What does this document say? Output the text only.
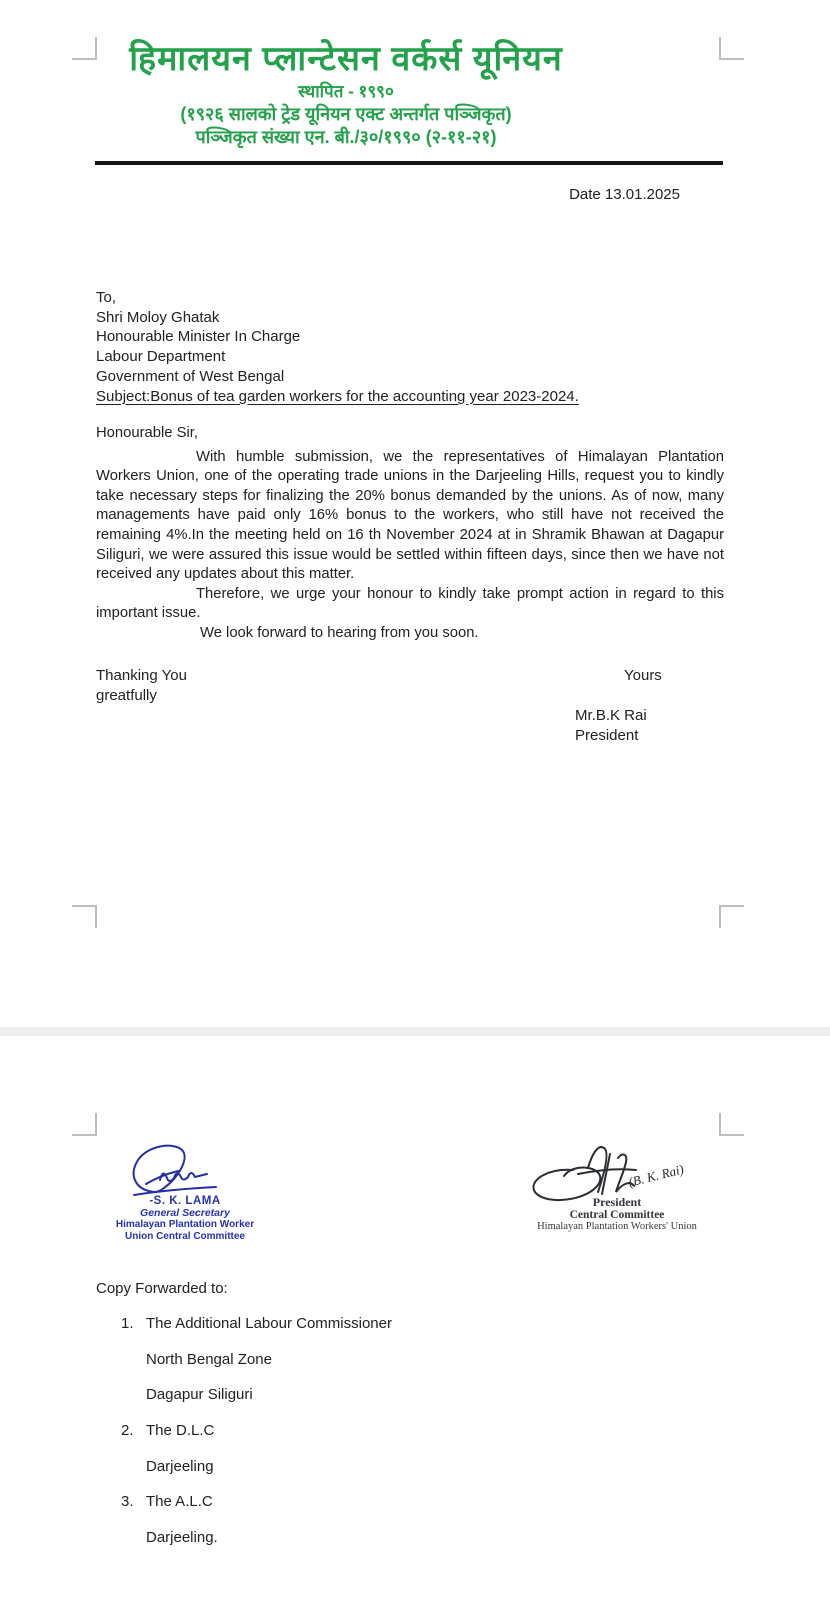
हिमालयन प्लान्टेसन वर्कर्स यूनियन
स्थापित - १९९०
(१९२६ सालको ट्रेड यूनियन एक्ट अन्तर्गत पञ्जिकृत)
पञ्जिकृत संख्या एन. बी./३०/१९९० (२-११-२१)
Date 13.01.2025
To,
Shri Moloy Ghatak
Honourable Minister In Charge
Labour Department
Government of West Bengal
Subject:Bonus of tea garden workers for the accounting year 2023-2024.
Honourable Sir,

With humble submission, we the representatives of Himalayan Plantation Workers Union, one of the operating trade unions in the Darjeeling Hills, request you to kindly take necessary steps for finalizing the 20% bonus demanded by the unions. As of now, many managements have paid only 16% bonus to the workers, who still have not received the remaining 4%.In the meeting held on 16 th November 2024 at in Shramik Bhawan at Dagapur Siliguri, we were assured this issue would be settled within fifteen days, since then we have not received any updates about this matter.

Therefore, we urge your honour to kindly take prompt action in regard to this important issue.

We look forward to hearing from you soon.

Thanking You
greatfully
Yours
Mr.B.K Rai
President
-S. K. LAMA
General Secretary
Himalayan Plantation Worker
Union Central Committee
(B. K. Rai)
President
Central Committee
Himalayan Plantation Workers' Union
Copy Forwarded to:
1. The Additional Labour Commissioner
North Bengal Zone
Dagapur Siliguri
2. The D.L.C
Darjeeling
3. The A.L.C
Darjeeling.
